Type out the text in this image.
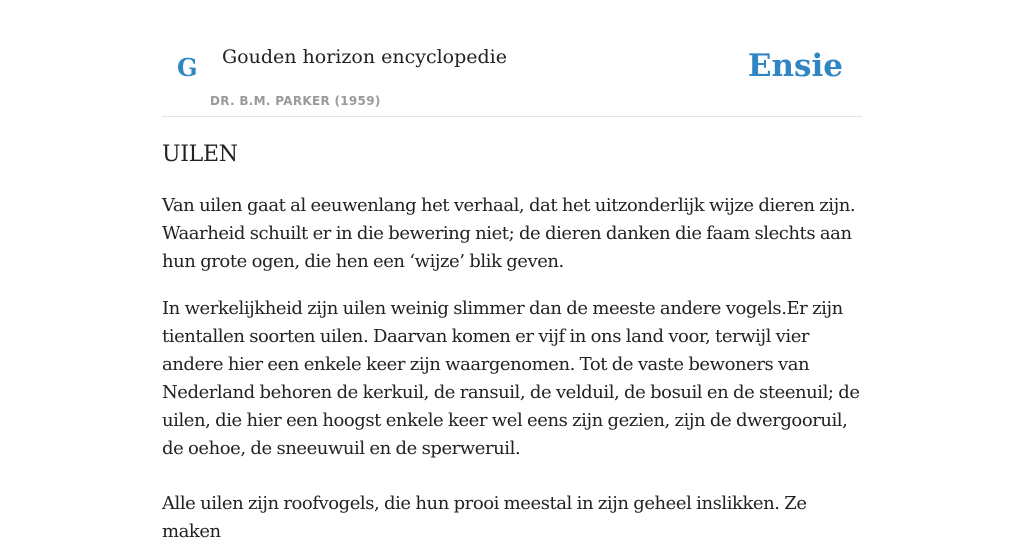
G Gouden horizon encyclopedie
DR. B.M. PARKER (1959)
Ensie
UILEN

Van uilen gaat al eeuwenlang het verhaal, dat het uitzonderlijk wijze dieren zijn. Waarheid schuilt er in die bewering niet; de dieren danken die faam slechts aan hun grote ogen, die hen een ‘wijze’ blik geven.

In werkelijkheid zijn uilen weinig slimmer dan de meeste andere vogels.Er zijn tientallen soorten uilen. Daarvan komen er vijf in ons land voor, terwijl vier andere hier een enkele keer zijn waargenomen. Tot de vaste bewoners van Nederland behoren de kerkuil, de ransuil, de velduil, de bosuil en de steenuil; de uilen, die hier een hoogst enkele keer wel eens zijn gezien, zijn de dwergooruil, de oehoe, de sneeuwuil en de sperweruil.

Alle uilen zijn roofvogels, die hun prooi meestal in zijn geheel inslikken. Ze maken
